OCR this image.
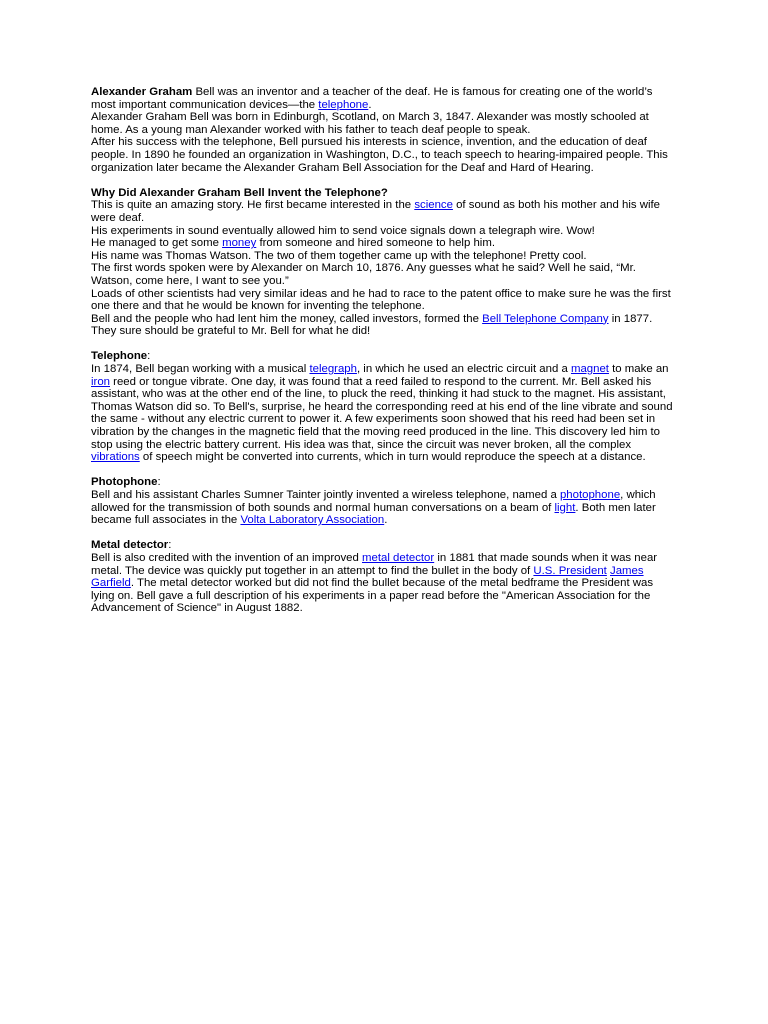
Alexander Graham Bell was an inventor and a teacher of the deaf. He is famous for creating one of the world’s most important communication devices—the telephone.

Alexander Graham Bell was born in Edinburgh, Scotland, on March 3, 1847. Alexander was mostly schooled at home. As a young man Alexander worked with his father to teach deaf people to speak.

After his success with the telephone, Bell pursued his interests in science, invention, and the education of deaf people. In 1890 he founded an organization in Washington, D.C., to teach speech to hearing-impaired people. This organization later became the Alexander Graham Bell Association for the Deaf and Hard of Hearing.

Why Did Alexander Graham Bell Invent the Telephone?

This is quite an amazing story. He first became interested in the science of sound as both his mother and his wife were deaf.

His experiments in sound eventually allowed him to send voice signals down a telegraph wire. Wow!

He managed to get some money from someone and hired someone to help him.

His name was Thomas Watson. The two of them together came up with the telephone! Pretty cool.

The first words spoken were by Alexander on March 10, 1876. Any guesses what he said? Well he said, “Mr. Watson, come here, I want to see you.”

Loads of other scientists had very similar ideas and he had to race to the patent office to make sure he was the first one there and that he would be known for inventing the telephone.

Bell and the people who had lent him the money, called investors, formed the Bell Telephone Company in 1877.

They sure should be grateful to Mr. Bell for what he did!

Telephone:

In 1874, Bell began working with a musical telegraph, in which he used an electric circuit and a magnet to make an iron reed or tongue vibrate. One day, it was found that a reed failed to respond to the current. Mr. Bell asked his assistant, who was at the other end of the line, to pluck the reed, thinking it had stuck to the magnet. His assistant, Thomas Watson did so. To Bell's, surprise, he heard the corresponding reed at his end of the line vibrate and sound the same - without any electric current to power it. A few experiments soon showed that his reed had been set in vibration by the changes in the magnetic field that the moving reed produced in the line. This discovery led him to stop using the electric battery current. His idea was that, since the circuit was never broken, all the complex vibrations of speech might be converted into currents, which in turn would reproduce the speech at a distance.

Photophone:

Bell and his assistant Charles Sumner Tainter jointly invented a wireless telephone, named a photophone, which allowed for the transmission of both sounds and normal human conversations on a beam of light. Both men later became full associates in the Volta Laboratory Association.

Metal detector:

Bell is also credited with the invention of an improved metal detector in 1881 that made sounds when it was near metal. The device was quickly put together in an attempt to find the bullet in the body of U.S. President James Garfield. The metal detector worked but did not find the bullet because of the metal bedframe the President was lying on. Bell gave a full description of his experiments in a paper read before the "American Association for the Advancement of Science" in August 1882.
